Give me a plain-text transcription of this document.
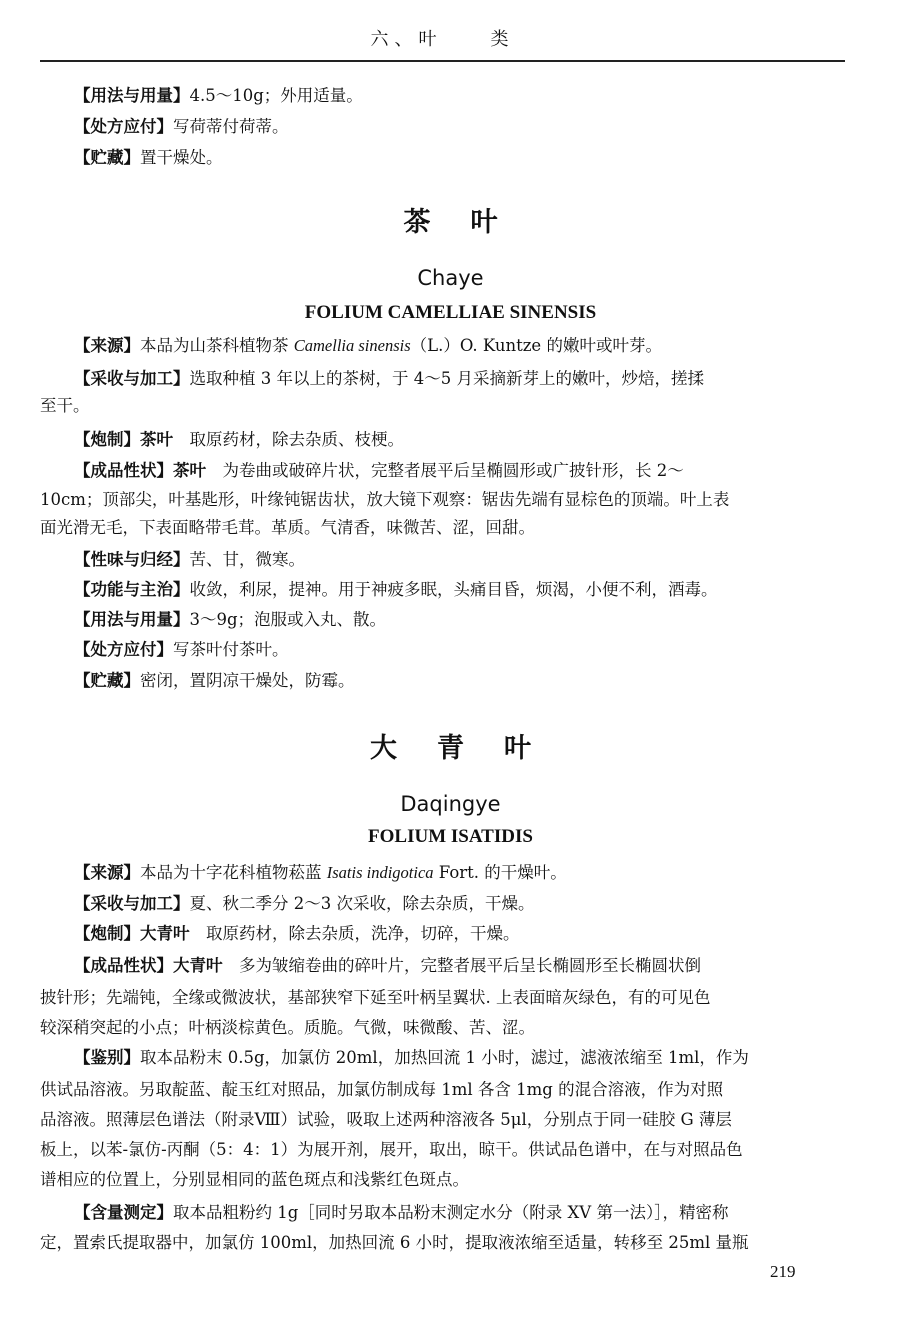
六、叶　　类
【用法与用量】4.5～10g；外用适量。
【处方应付】写荷蒂付荷蒂。
【贮藏】置干燥处。
茶叶
Chaye
FOLIUM CAMELLIAE SINENSIS
【来源】本品为山茶科植物茶 Camellia sinensis（L.）O. Kuntze 的嫩叶或叶芽。
【采收与加工】选取种植 3 年以上的茶树，于 4～5 月采摘新芽上的嫩叶，炒焙，搓揉
至干。
【炮制】茶叶　取原药材，除去杂质、枝梗。
【成品性状】茶叶　为卷曲或破碎片状，完整者展平后呈椭圆形或广披针形，长 2～
10cm；顶部尖，叶基匙形，叶缘钝锯齿状，放大镜下观察：锯齿先端有显棕色的顶端。叶上表
面光滑无毛，下表面略带毛茸。革质。气清香，味微苦、涩，回甜。
【性味与归经】苦、甘，微寒。
【功能与主治】收敛，利尿，提神。用于神疲多眠，头痛目昏，烦渴，小便不利，酒毒。
【用法与用量】3～9g；泡服或入丸、散。
【处方应付】写茶叶付茶叶。
【贮藏】密闭，置阴凉干燥处，防霉。
大青叶
Daqingye
FOLIUM ISATIDIS
【来源】本品为十字花科植物菘蓝 Isatis indigotica Fort. 的干燥叶。
【采收与加工】夏、秋二季分 2～3 次采收，除去杂质，干燥。
【炮制】大青叶　取原药材，除去杂质，洗净，切碎，干燥。
【成品性状】大青叶　多为皱缩卷曲的碎叶片，完整者展平后呈长椭圆形至长椭圆状倒
披针形；先端钝，全缘或微波状，基部狭窄下延至叶柄呈翼状. 上表面暗灰绿色，有的可见色
较深稍突起的小点；叶柄淡棕黄色。质脆。气微，味微酸、苦、涩。
【鉴别】取本品粉末 0.5g，加氯仿 20ml，加热回流 1 小时，滤过，滤液浓缩至 1ml，作为
供试品溶液。另取靛蓝、靛玉红对照品，加氯仿制成每 1ml 各含 1mg 的混合溶液，作为对照
品溶液。照薄层色谱法（附录Ⅷ）试验，吸取上述两种溶液各 5μl，分别点于同一硅胶 G 薄层
板上，以苯-氯仿-丙酮（5：4：1）为展开剂，展开，取出，晾干。供试品色谱中，在与对照品色
谱相应的位置上，分别显相同的蓝色斑点和浅紫红色斑点。
【含量测定】取本品粗粉约 1g［同时另取本品粉末测定水分（附录 XV 第一法）］，精密称
定，置索氏提取器中，加氯仿 100ml，加热回流 6 小时，提取液浓缩至适量，转移至 25ml 量瓶
219
